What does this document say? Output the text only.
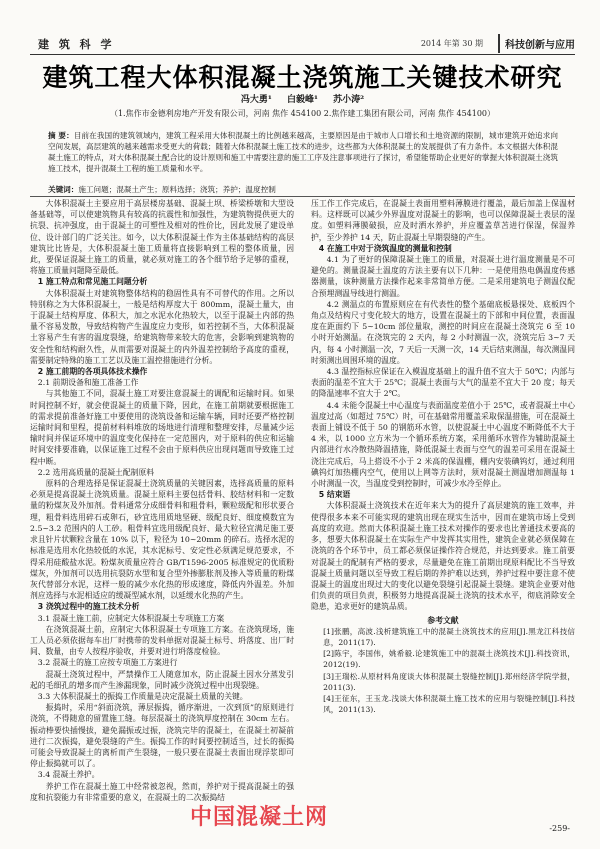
建 筑 科 学	2014 年第 30 期	科技创新与应用
建筑工程大体积混凝土浇筑施工关键技术研究
冯大勇¹ 白毅峰¹ 苏小涛²
（1.焦作市金德利房地产开发有限公司，河南 焦作 454100 2.焦作建工集团有限公司，河南 焦作 454100）
摘 要：目前在我国的建筑领域内，建筑工程采用大体积混凝土的比例越来越高，主要原因是由于城市人口增长和土地资源的限制，城市建筑开始追求向空间发展，高层建筑的越来越需求受更大的荷载；随着大体积混凝土施工技术的进步，这些都为大体积混凝土的发展提供了有力条件。本文根据大体积混凝土施工的特点，对大体积混凝土配合比的设计原则和施工中需要注意的施工工序及注意事项进行了探讨，希望能帮助企业更好的掌握大体积混凝土浇筑施工技术，提升混凝土工程的施工质量和水平。
关键词：施工问题；混凝土产生；原料选择；浇筑；养护；温度控制

大体积混凝土主要应用于高层楼房基础、混凝土坝、桥梁桥墩和大型设备基础等，可以使建筑物具有较高的抗震性和加强性，为建筑物提供更大的抗裂、抗冲强度，由于混凝土的可塑性及相对的性价比，因此发展了建设单位、设计部门的广泛关注。如今，以大体积混凝土作为主体基础结构的高层建筑比比皆是，大体积混凝土施工质量将直接影响到工程的整体质量，因此，要保证混凝土施工的质量，就必须对施工的各个细节给予足够的重视，将施工质量问题降至最低。

1 施工特点和常见施工问题分析

大体积混凝土对建筑物整体结构的稳固性具有不可替代的作用。之所以特别称之为大体积混凝土，一般是结构厚度大于 800mm，混凝土量大，由于混凝土结构厚度、体积大，加之水泥水化热较大，以至于混凝土内部的热量不容易发散，导致结构物产生温度应力变形，如若控制不当，大体积混凝土容易产生有害的温度裂缝，给建筑物带来较大的危害，会影响到建筑物的安全性和结构耐久性，从而需要对混凝土的内外温差控制给予高度的重视，需要制定特殊的施工工艺以及施工温控措施进行分析。

2 施工前期的各项具体技术操作
2.1 前期设备和施工准备工作

与其他施工不同，混凝土施工对要注意混凝土的调配和运输时间。如果时间控制不好，就会使混凝土的质量下降，因此，在施工前期就要根据施工的需求提前准备好施工中要使用的浇筑设备和运输车辆，同时还要严格控制运输时间和里程，提前材料料堆放的场地进行清理和整理安排，尽量减少运输时间并保证环境中的温度变化保持在一定范围内，对于原料的供应和运输时间安排要准确，以保证施工过程不会由于原料供应出现问题而导致施工过程中断。

2.2 选用高质量的混凝土配制原料

原料的合理选择是保证混凝土浇筑质量的关键因素，选择高质量的原料必须是提高混凝土浇筑质量。混凝土原料主要包括骨料、胶结材料和一定数量的粉煤灰及外加剂。骨料通常分成细骨料和粗骨料，颗粒级配和形状要合理，粗骨料选用碎石或卵石，砂宜选用质地坚硬、级配良好、细度模数宜为 2.5~3.2 范围内的人工砂。粗骨料宜选用级配良好、最大粒径宜满足施工要求且针片状颗粒含量在 10% 以下，粒径为 10~20mm 的碎石。选择水泥的标准是选用水化热较低的水泥，其水泥标号、安定性必须满足规范要求，不得采用硅酸盐水泥。粉煤灰质量应符合 GB/T1596-2005 标准规定的优质粉煤灰，外加剂可以选用抗裂防水型和复合型外掺膨胀剂及掺入等质量的粉煤灰代替部分水泥，这样一般的减少水化热的形成速度，降低内外温差。外加剂应选择与水泥相适应的缓凝型减水剂，以延缓水化热的产生。

3 浇筑过程中的施工技术分析
3.1 混凝土施工前，应制定大体积混凝土专项施工方案

在浇筑混凝土前，应制定大体积混凝土专项施工方案。在浇筑现场，施工人员必须依据每车出厂时携带的发料单据对混凝土标号、坍落度、出厂时间、数量，由专人按程序验收，并要对进行坍落度检验。

3.2 混凝土的施工应按专项施工方案进行

混凝土浇筑过程中，严禁操作工人随意加水，防止混凝土因水分蒸发引起的毛细孔的增多而产生渗漏现象，同时减少浇筑过程中出现裂缝。

3.3 大体积混凝土的振捣工作质量是决定混凝土质量的关键。

振捣时，采用“斜面浇筑，薄层振捣，循序渐进，一次到顶”的原则进行浇筑，不得随意的留置施工缝。每层混凝土的浇筑厚度控制在 30cm 左右。振动棒要快插慢拔，避免漏振或过振，浇筑完毕的混凝土，在混凝土初凝前进行二次振捣，避免裂缝的产生。振捣工作的时间要控制适当，过长的振捣可能会导致混凝土的离析而产生裂缝，一般只要在混凝土表面出现浮浆即可停止振捣就可以了。

3.4 混凝土养护。

养护工作在混凝土施工中经常被忽视，然而，养护对于提高混凝土的强度和抗裂能力有非常重要的意义，在混凝土的二次振捣结

压工作工作完成后，在混凝土表面用塑料薄膜进行覆盖，最后加盖上保温材料。这样既可以减少外界温度对混凝土的影响，也可以保障混凝土表层的湿度。如塑料薄膜破损，应及时洒水养护，并应覆盖草苫进行保湿，保湿养护，至少养护 14 天，防止混凝土早期裂缝的产生。

4 在施工中对于浇筑温度的测量和控制

4.1 为了更好的保障混凝土施工的质量，对混凝土进行温度测量是不可避免的。测量混凝土温度的方法主要有以下几种：一是使用热电偶温度传感器测量，该种测量方法操作起来非常简单方便。二是采用建筑电子测温仪配合预埋测温导线进行测温。

4.2 测温点的布置原则应在有代表性的整个基础底板悬探处、底板四个角点及结构尺寸变化较大的地方，设置在混凝土的下部和中间位置，表面温度在距面约下 5~10cm 部位量取，测控的时间应在混凝土浇筑完 6 至 10 小时开始测温。在浇筑完的 2 天内，每 2 小时测温一次，浇筑完后 3~7 天内，每 4 小时测温一次，7 天后一天测一次，14 天后结束测温，每次测温同时须测出周围环境的温度。

4.3 温控指标应保证在入模温度基础上的温升值不宜大于 50℃；内部与表面的温差不宜大于 25℃；混凝土表面与大气的温差不宜大于 20 度；每天的降温速率不宜大于 2℃。

4.4 未能令混凝土中心温度与表面温度差值小于 25℃，或者混凝土中心温度过高（如超过 75℃）时，可在基础常用覆盖采取保温措施，可在混凝土表面上铺设不低于 50 的钢筋环水管，以使混凝土中心温度不断降低不大于 4 米，以 1000 立方米为一个循环系统方案，采用循环水管作为辅助混凝土内部进行水冷散热降温措施，降低混凝土表面与空气的温差可采用在混凝土浇注完成后，马上搭设不小于 2 米高的保温棚，棚内安装碘钨灯，通过利用碘钨灯加热棚内空气，使用以上网等方法时，须对混凝土测温增加测温每 1 小时测温一次，当温度受到控制时，可减少水冷至停止。

5 结束语

大体积混凝土浇筑技术在近年来大为的提升了高层建筑的施工效率，并使得很多本来不可能实现的建筑出现在现实生活中，因而在建筑市场上受到高度的欢迎。然而大体积混凝土施工技术对操作的要求也比普通技术要高的多，想要大体积混凝土在实际生产中发挥其实用性，建筑企业就必须保障在浇筑的各个环节中，员工都必须保证操作符合规范，并达到要求。施工前要对混凝土的配制有严格的要求，尽量避免在施工前期出现原料配比不当导致混凝土质量问题以至导致工程后期的养护难以达到，养护过程中要注意不使混凝土的温度出现过大的变化以避免裂缝引起混凝土裂缝。建筑企业要对他们负责的项目负责，积极努力地提高混凝土浇筑的技术水平，彻底消除安全隐患，追求更好的建筑品质。

参考文献

[1]张鹏，高波.浅析建筑施工中的混凝土浇筑技术的应用[J].黑龙江科技信息，2011(17).

[2]陈宇，李国伟，姚希毅.论建筑施工中的混凝土浇筑技术[J].科技资讯，2012(19).

[3]王瑞松.从原材料角度谈大体积混凝土裂缝控制[J].郑州经济学院学报，2011(3).

[4]王征东，王玉龙.浅谈大体积混凝土施工技术的应用与裂缝控制[J].科技风，2011(13).

中国混凝土网	-259-
